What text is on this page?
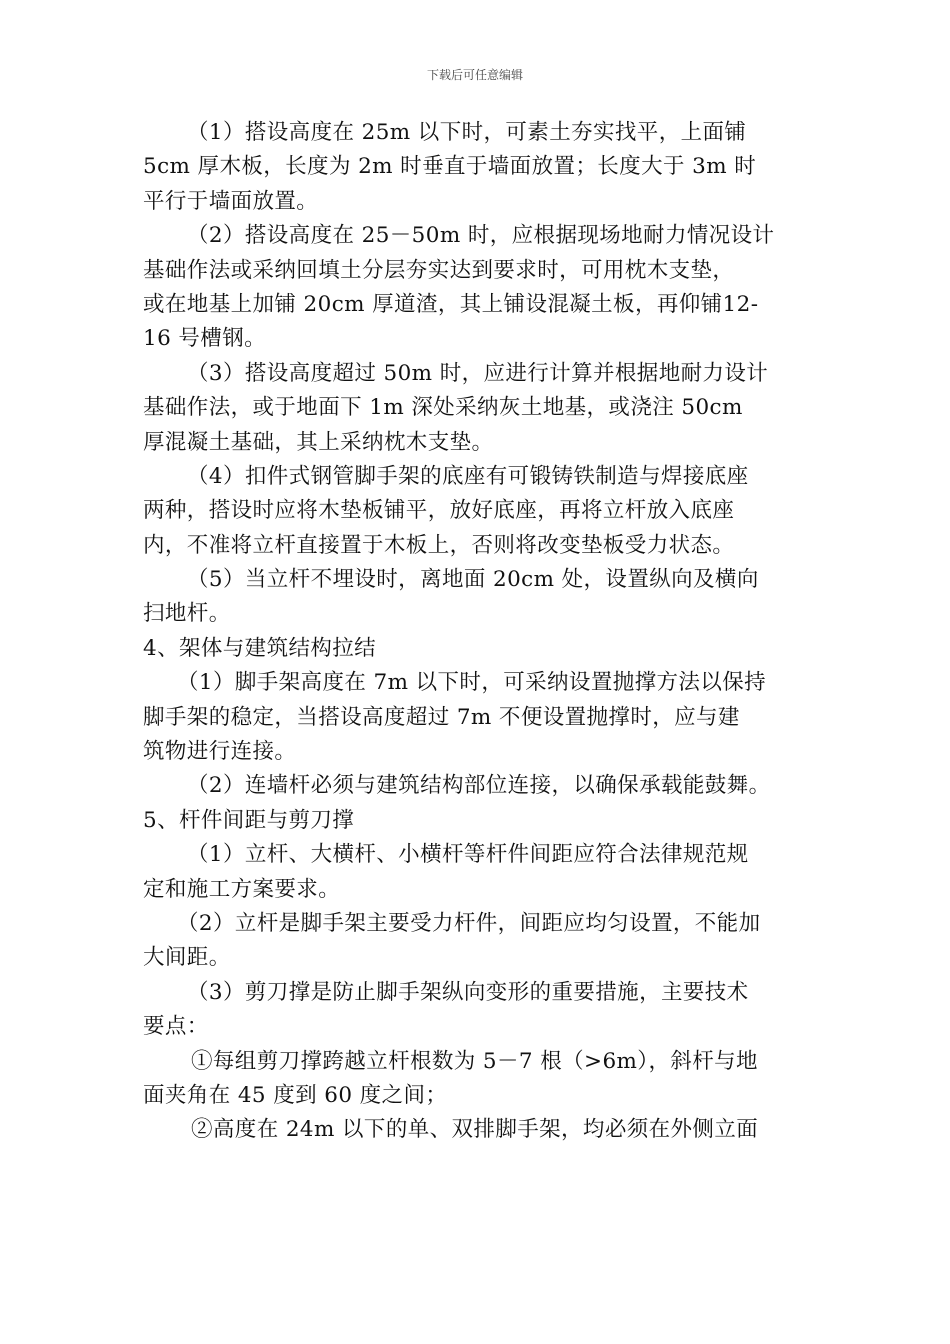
下载后可任意编辑
（1）搭设高度在 25m 以下时，可素土夯实找平，上面铺
5cm 厚木板，长度为 2m 时垂直于墙面放置；长度大于 3m 时
平行于墙面放置。
（2）搭设高度在 25－50m 时，应根据现场地耐力情况设计
基础作法或采纳回填土分层夯实达到要求时，可用枕木支垫，
或在地基上加铺 20cm 厚道渣，其上铺设混凝土板，再仰铺12-
16 号槽钢。
（3）搭设高度超过 50m 时，应进行计算并根据地耐力设计
基础作法，或于地面下 1m 深处采纳灰土地基，或浇注 50cm
厚混凝土基础，其上采纳枕木支垫。
（4）扣件式钢管脚手架的底座有可锻铸铁制造与焊接底座
两种，搭设时应将木垫板铺平，放好底座，再将立杆放入底座
内，不准将立杆直接置于木板上，否则将改变垫板受力状态。
（5）当立杆不埋设时，离地面 20cm 处，设置纵向及横向
扫地杆。
4、架体与建筑结构拉结
（1）脚手架高度在 7m 以下时，可采纳设置抛撑方法以保持
脚手架的稳定，当搭设高度超过 7m 不便设置抛撑时，应与建
筑物进行连接。
（2）连墙杆必须与建筑结构部位连接，以确保承载能鼓舞。
5、杆件间距与剪刀撑
（1）立杆、大横杆、小横杆等杆件间距应符合法律规范规
定和施工方案要求。
（2）立杆是脚手架主要受力杆件，间距应均匀设置，不能加
大间距。
（3）剪刀撑是防止脚手架纵向变形的重要措施，主要技术
要点：
①每组剪刀撑跨越立杆根数为 5－7 根（>6m），斜杆与地
面夹角在 45 度到 60 度之间；
②高度在 24m 以下的单、双排脚手架，均必须在外侧立面
